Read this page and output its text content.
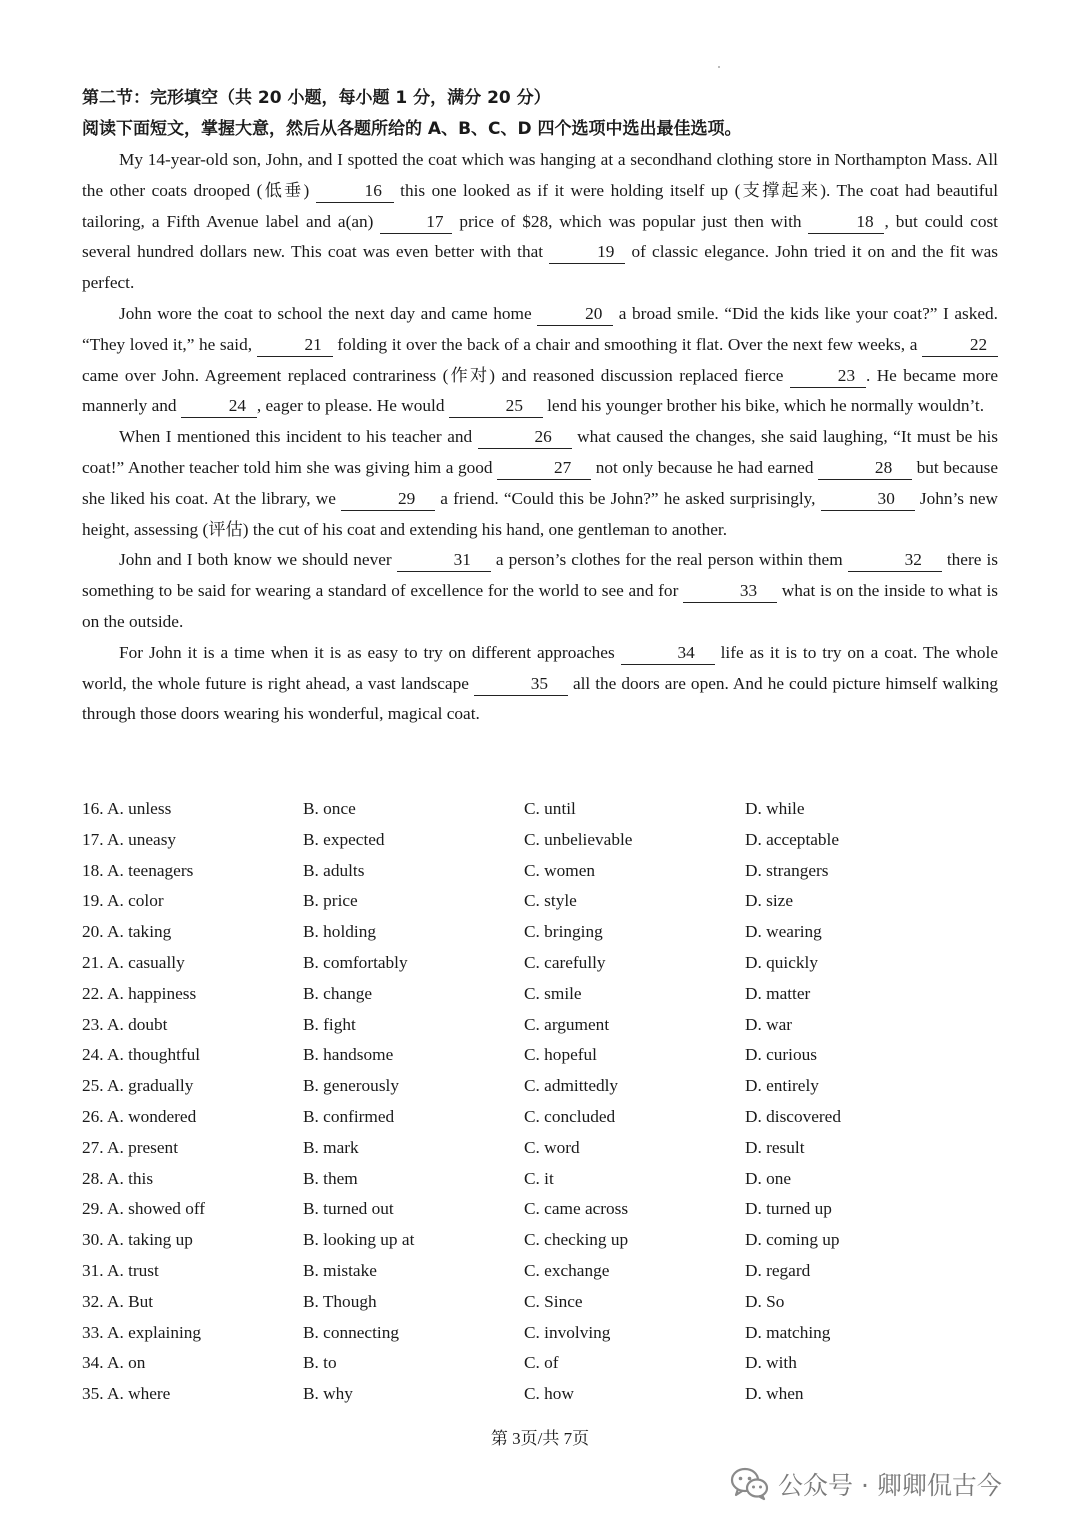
第二节：完形填空（共 20 小题，每小题 1 分，满分 20 分）
阅读下面短文，掌握大意，然后从各题所给的 A、B、C、D 四个选项中选出最佳选项。

My 14-year-old son, John, and I spotted the coat which was hanging at a secondhand clothing store in Northampton Mass. All the other coats drooped (低垂)	16 this one looked as if it were holding itself up (支撑起来). The coat had beautiful tailoring, a Fifth Avenue label and a(an)	17 price of $28, which was popular just then with	18 , but could cost several hundred dollars new. This coat was even better with that	19 of classic elegance. John tried it on and the fit was perfect.

John wore the coat to school the next day and came home	20 a broad smile. “Did the kids like your coat?” I asked. “They loved it,” he said,	21 folding it over the back of a chair and smoothing it flat. Over the next few weeks, a	22 came over John. Agreement replaced contrariness (作对) and reasoned discussion replaced fierce	23 . He became more mannerly and	24 , eager to please. He would	25 lend his younger brother his bike, which he normally wouldn’t.

When I mentioned this incident to his teacher and	26 what caused the changes, she said laughing, “It must be his coat!” Another teacher told him she was giving him a good	27 not only because he had earned	28 but because she liked his coat. At the library, we	29 a friend. “Could this be John?” he asked surprisingly,	30 John’s new height, assessing (评估) the cut of his coat and extending his hand, one gentleman to another.

John and I both know we should never	31 a person’s clothes for the real person within them	32 there is something to be said for wearing a standard of excellence for the world to see and for	33 what is on the inside to what is on the outside.

For John it is a time when it is as easy to try on different approaches	34 life as it is to try on a coat. The whole world, the whole future is right ahead, a vast landscape	35 all the doors are open. And he could picture himself walking through those doors wearing his wonderful, magical coat.

16. A. unless	B. once	C. until	D. while
17. A. uneasy	B. expected	C. unbelievable	D. acceptable
18. A. teenagers	B. adults	C. women	D. strangers
19. A. color	B. price	C. style	D. size
20. A. taking	B. holding	C. bringing	D. wearing
21. A. casually	B. comfortably	C. carefully	D. quickly
22. A. happiness	B. change	C. smile	D. matter
23. A. doubt	B. fight	C. argument	D. war
24. A. thoughtful	B. handsome	C. hopeful	D. curious
25. A. gradually	B. generously	C. admittedly	D. entirely
26. A. wondered	B. confirmed	C. concluded	D. discovered
27. A. present	B. mark	C. word	D. result
28. A. this	B. them	C. it	D. one
29. A. showed off	B. turned out	C. came across	D. turned up
30. A. taking up	B. looking up at	C. checking up	D. coming up
31. A. trust	B. mistake	C. exchange	D. regard
32. A. But	B. Though	C. Since	D. So
33. A. explaining	B. connecting	C. involving	D. matching
34. A. on	B. to	C. of	D. with
35. A. where	B. why	C. how	D. when
第 3页/共 7页
公众号 · 卿卿侃古今
